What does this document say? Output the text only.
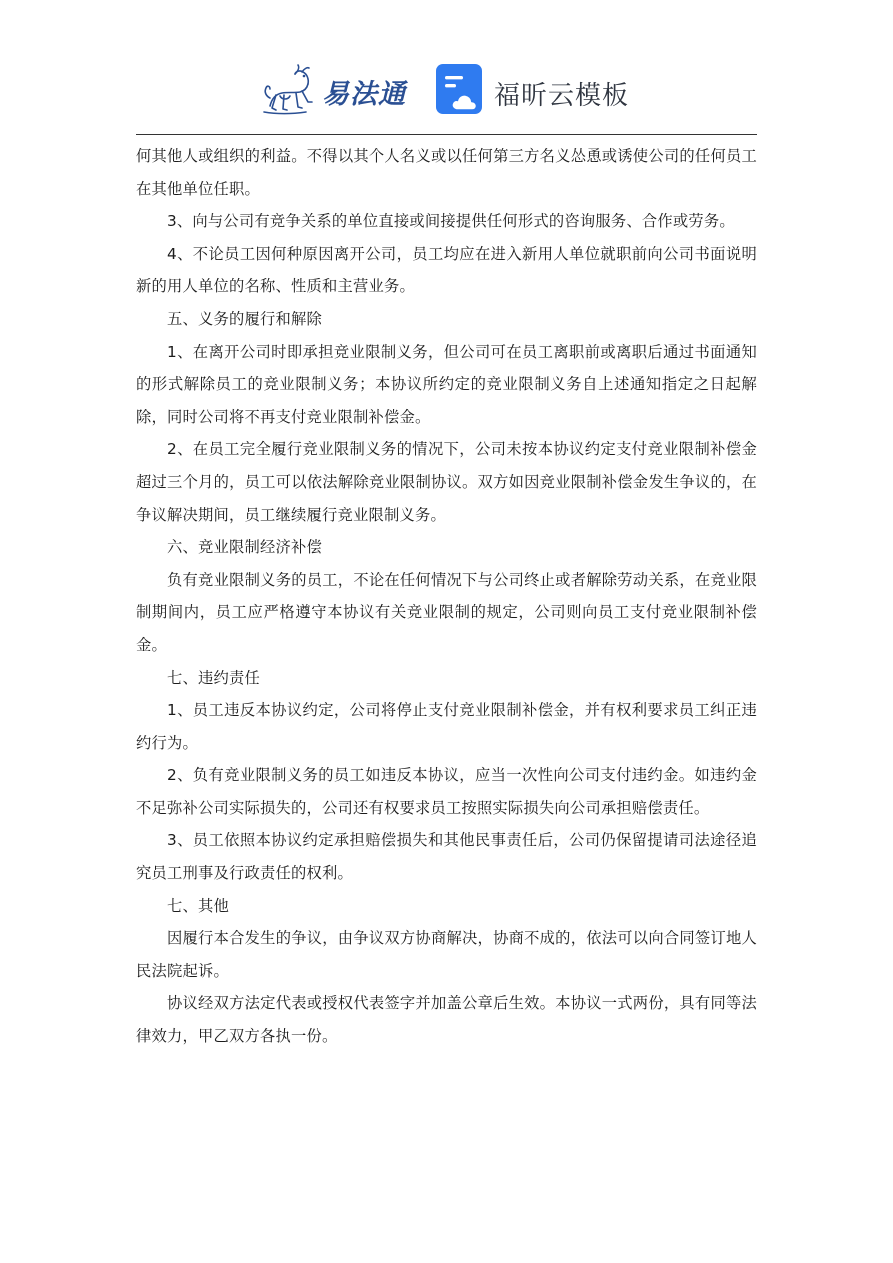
易法通	福昕云模板

何其他人或组织的利益。不得以其个人名义或以任何第三方名义怂恿或诱使公司的任何员工在其他单位任职。

3、向与公司有竞争关系的单位直接或间接提供任何形式的咨询服务、合作或劳务。

4、不论员工因何种原因离开公司，员工均应在进入新用人单位就职前向公司书面说明新的用人单位的名称、性质和主营业务。

五、义务的履行和解除

1、在离开公司时即承担竞业限制义务，但公司可在员工离职前或离职后通过书面通知的形式解除员工的竞业限制义务；本协议所约定的竞业限制义务自上述通知指定之日起解除，同时公司将不再支付竞业限制补偿金。

2、在员工完全履行竞业限制义务的情况下，公司未按本协议约定支付竞业限制补偿金超过三个月的，员工可以依法解除竞业限制协议。双方如因竞业限制补偿金发生争议的，在争议解决期间，员工继续履行竞业限制义务。

六、竞业限制经济补偿

负有竞业限制义务的员工，不论在任何情况下与公司终止或者解除劳动关系，在竞业限制期间内，员工应严格遵守本协议有关竞业限制的规定，公司则向员工支付竞业限制补偿金。

七、违约责任

1、员工违反本协议约定，公司将停止支付竞业限制补偿金，并有权利要求员工纠正违约行为。

2、负有竞业限制义务的员工如违反本协议，应当一次性向公司支付违约金。如违约金不足弥补公司实际损失的，公司还有权要求员工按照实际损失向公司承担赔偿责任。

3、员工依照本协议约定承担赔偿损失和其他民事责任后，公司仍保留提请司法途径追究员工刑事及行政责任的权利。

七、其他

因履行本合发生的争议，由争议双方协商解决，协商不成的，依法可以向合同签订地人民法院起诉。

协议经双方法定代表或授权代表签字并加盖公章后生效。本协议一式两份，具有同等法律效力，甲乙双方各执一份。
